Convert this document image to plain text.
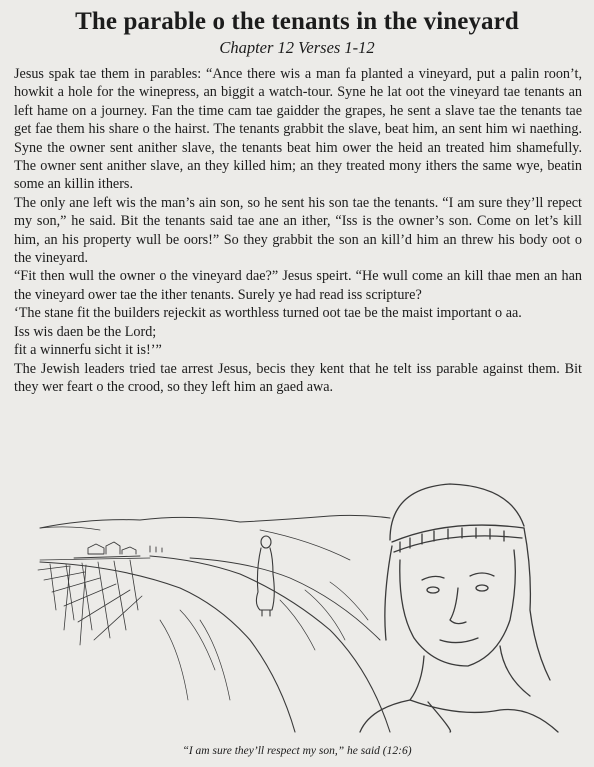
The parable o the tenants in the vineyard
Chapter 12 Verses 1-12

Jesus spak tae them in parables: “Ance there wis a man fa planted a vineyard, put a palin roon’t, howkit a hole for the winepress, an biggit a watch-tour. Syne he lat oot the vineyard tae tenants an left hame on a journey. Fan the time cam tae gaidder the grapes, he sent a slave tae the tenants tae get fae them his share o the hairst. The tenants grabbit the slave, beat him, an sent him wi naething. Syne the owner sent anither slave, the tenants beat him ower the heid an treated him shamefully. The owner sent anither slave, an they killed him; an they treated mony ithers the same wye, beatin some an killin ithers.

The only ane left wis the man’s ain son, so he sent his son tae the tenants. “I am sure they’ll repect my son,” he said. Bit the tenants said tae ane an ither, “Iss is the owner’s son. Come on let’s kill him, an his property wull be oors!” So they grabbit the son an kill’d him an threw his body oot o the vineyard.

“Fit then wull the owner o the vineyard dae?” Jesus speirt. “He wull come an kill thae men an han the vineyard ower tae the ither tenants. Surely ye had read iss scripture?

‘The stane fit the builders rejeckit as worthless turned oot tae be the maist important o aa.

Iss wis daen be the Lord;

fit a winnerfu sicht it is!’”

The Jewish leaders tried tae arrest Jesus, becis they kent that he telt iss parable against them. Bit they wer feart o the crood, so they left him an gaed awa.

“I am sure they’ll respect my son,” he said (12:6)
